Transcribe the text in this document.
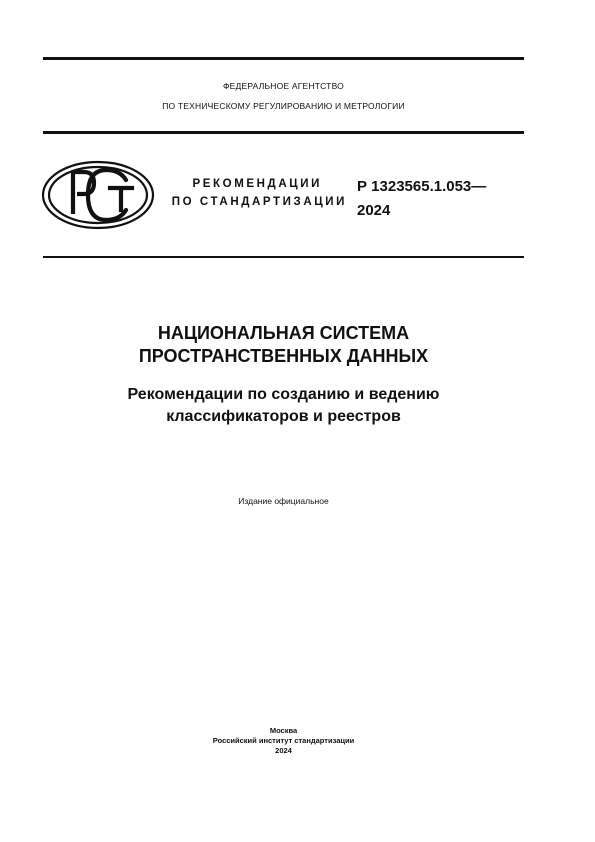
ФЕДЕРАЛЬНОЕ АГЕНТСТВО
ПО ТЕХНИЧЕСКОМУ РЕГУЛИРОВАНИЮ И МЕТРОЛОГИИ
РЕКОМЕНДАЦИИ
ПО СТАНДАРТИЗАЦИИ
Р 1323565.1.053—
2024
НАЦИОНАЛЬНАЯ СИСТЕМА
ПРОСТРАНСТВЕННЫХ ДАННЫХ
Рекомендации по созданию и ведению
классификаторов и реестров
Издание официальное
Москва
Российский институт стандартизации
2024
